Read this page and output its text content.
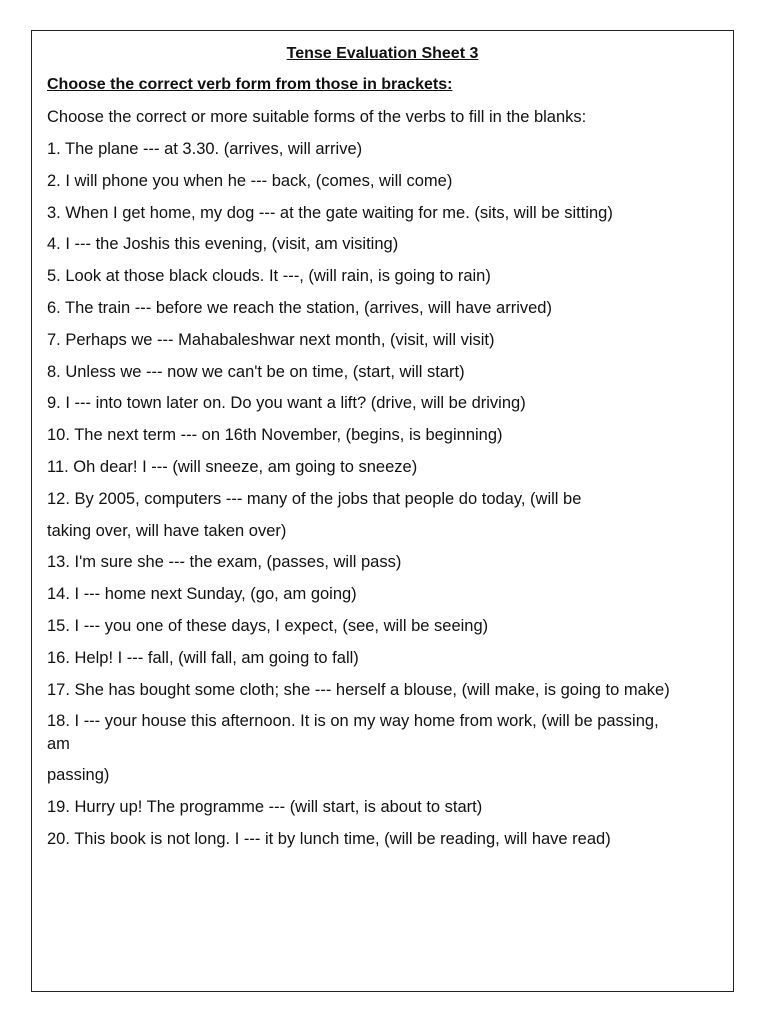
Tense Evaluation Sheet 3
Choose the correct verb form from those in brackets:
Choose the correct or more suitable forms of the verbs to fill in the blanks:
1. The plane --- at 3.30. (arrives, will arrive)
2. I will phone you when he --- back, (comes, will come)
3. When I get home, my dog --- at the gate waiting for me. (sits, will be sitting)
4. I --- the Joshis this evening, (visit, am visiting)
5. Look at those black clouds. It ---, (will rain, is going to rain)
6. The train --- before we reach the station, (arrives, will have arrived)
7. Perhaps we --- Mahabaleshwar next month, (visit, will visit)
8. Unless we --- now we can't be on time, (start, will start)
9. I --- into town later on. Do you want a lift? (drive, will be driving)
10. The next term --- on 16th November, (begins, is beginning)
11. Oh dear! I --- (will sneeze, am going to sneeze)
12. By 2005, computers --- many of the jobs that people do today, (will be
taking over, will have taken over)
13. I'm sure she --- the exam, (passes, will pass)
14. I --- home next Sunday, (go, am going)
15. I --- you one of these days, I expect, (see, will be seeing)
16. Help! I --- fall, (will fall, am going to fall)
17. She has bought some cloth; she --- herself a blouse, (will make, is going to make)
18. I --- your house this afternoon. It is on my way home from work, (will be passing,
am
passing)
19. Hurry up! The programme --- (will start, is about to start)
20. This book is not long. I --- it by lunch time, (will be reading, will have read)
